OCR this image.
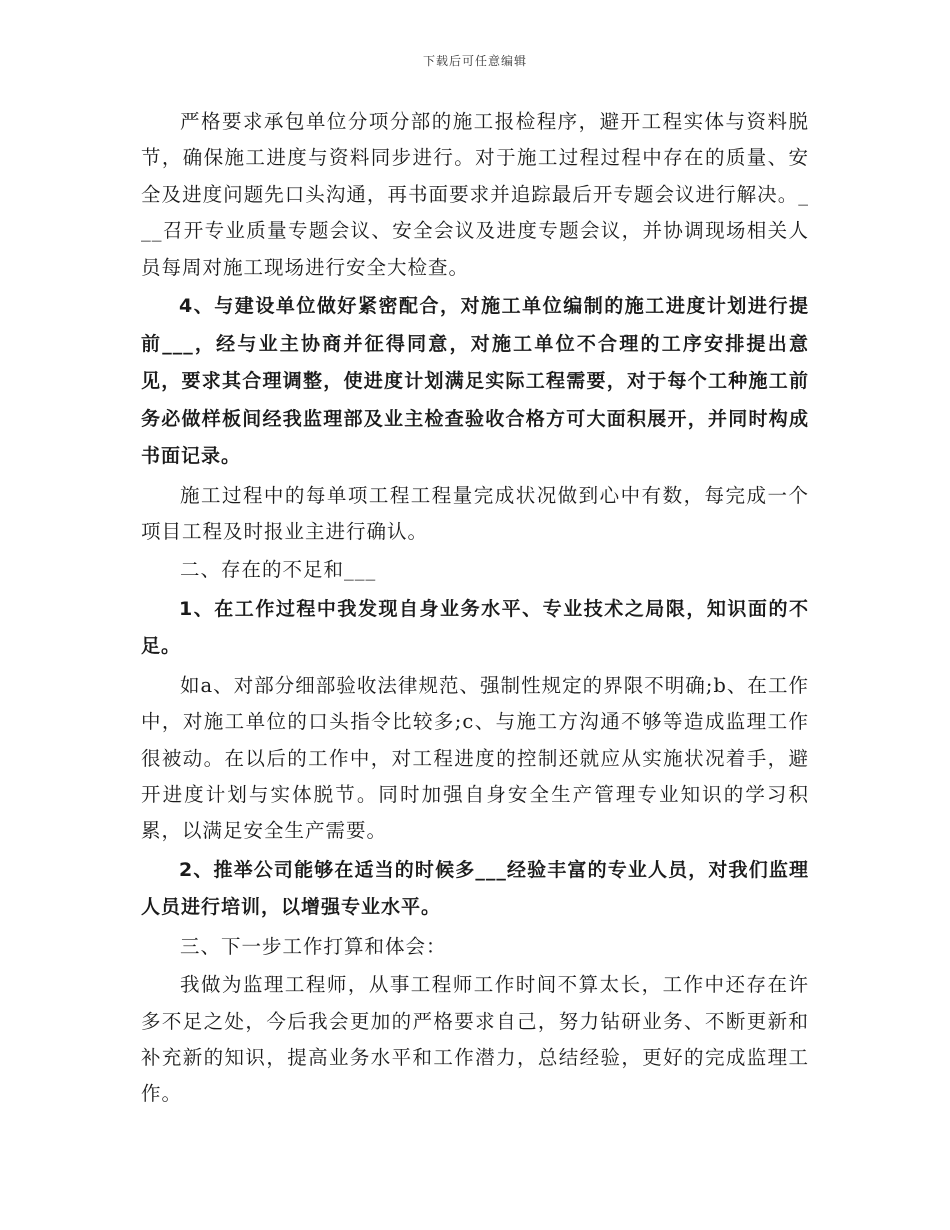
下载后可任意编辑

严格要求承包单位分项分部的施工报检程序，避开工程实体与资料脱节，确保施工进度与资料同步进行。对于施工过程过程中存在的质量、安全及进度问题先口头沟通，再书面要求并追踪最后开专题会议进行解决。___召开专业质量专题会议、安全会议及进度专题会议，并协调现场相关人员每周对施工现场进行安全大检查。

4、与建设单位做好紧密配合，对施工单位编制的施工进度计划进行提前___，经与业主协商并征得同意，对施工单位不合理的工序安排提出意见，要求其合理调整，使进度计划满足实际工程需要，对于每个工种施工前务必做样板间经我监理部及业主检查验收合格方可大面积展开，并同时构成书面记录。

施工过程中的每单项工程工程量完成状况做到心中有数，每完成一个项目工程及时报业主进行确认。

二、存在的不足和___

1、在工作过程中我发现自身业务水平、专业技术之局限，知识面的不足。

如a、对部分细部验收法律规范、强制性规定的界限不明确;b、在工作中，对施工单位的口头指令比较多;c、与施工方沟通不够等造成监理工作很被动。在以后的工作中，对工程进度的控制还就应从实施状况着手，避开进度计划与实体脱节。同时加强自身安全生产管理专业知识的学习积累，以满足安全生产需要。

2、推举公司能够在适当的时候多___经验丰富的专业人员，对我们监理人员进行培训，以增强专业水平。

三、下一步工作打算和体会：

我做为监理工程师，从事工程师工作时间不算太长，工作中还存在许多不足之处，今后我会更加的严格要求自己，努力钻研业务、不断更新和补充新的知识，提高业务水平和工作潜力，总结经验，更好的完成监理工作。
